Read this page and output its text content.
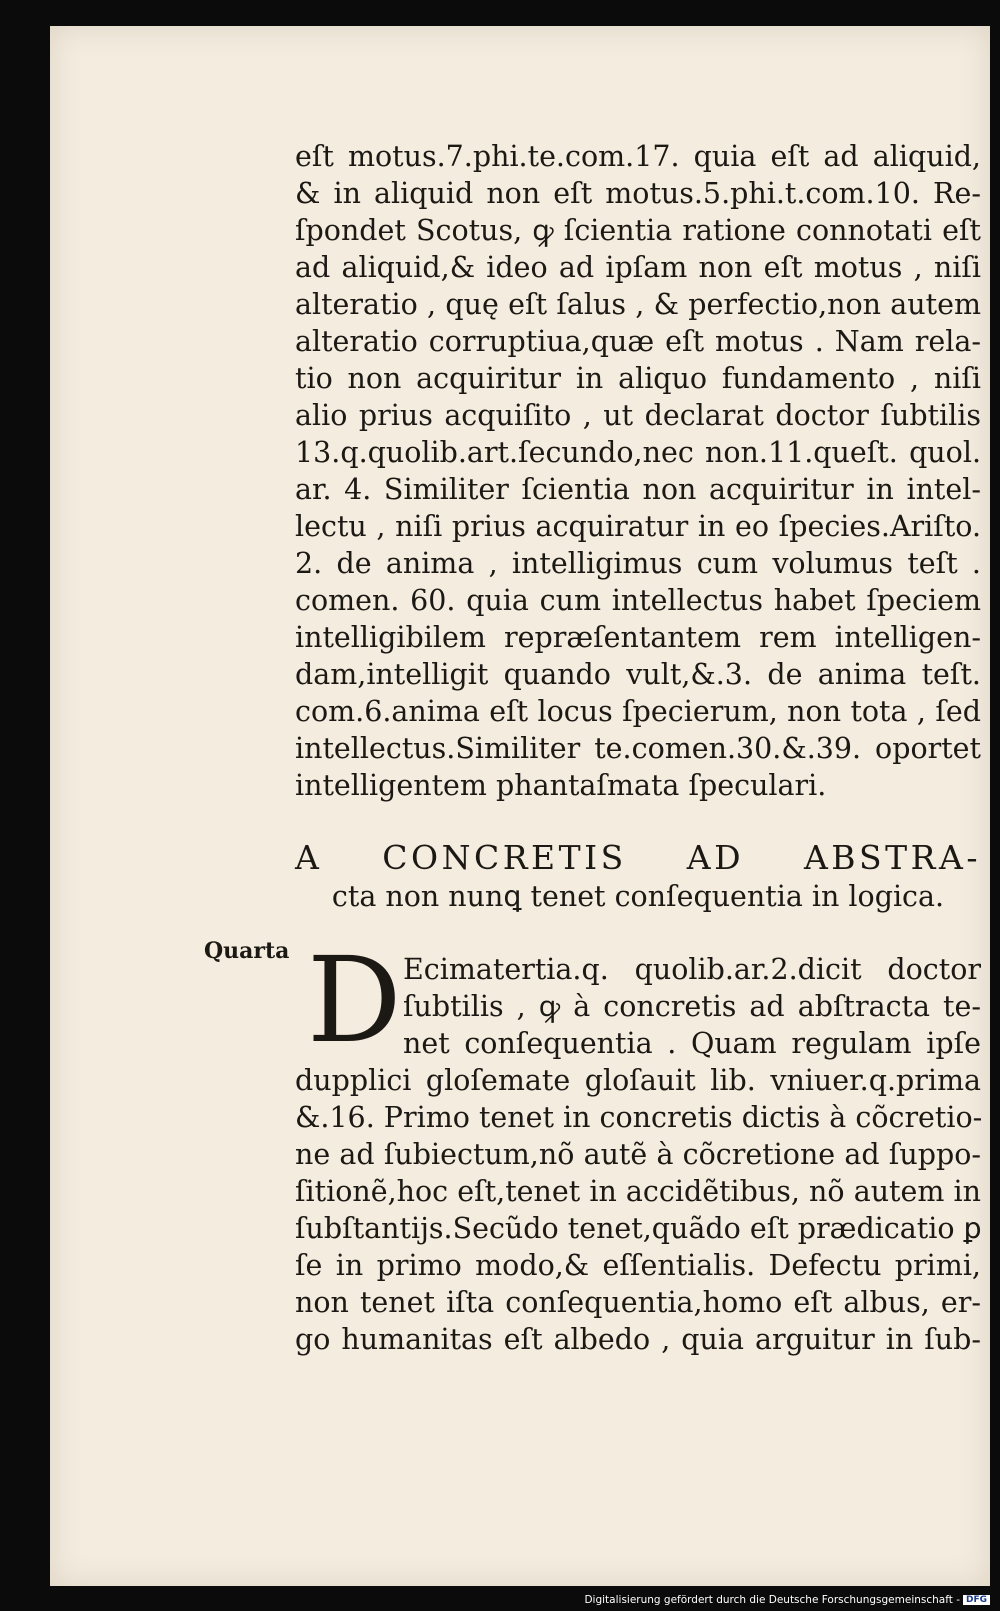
Quarta
eſt motus.7.phi.te.com.17. quia eſt ad aliquid,
& in aliquid non eſt motus.5.phi.t.com.10. Re-
ſpondet Scotus, ꝙ ſcientia ratione connotati eſt
ad aliquid,& ideo ad ipſam non eſt motus , niſi
alteratio , quę eſt ſalus , & perfectio,non autem
alteratio corruptiua,quæ eſt motus . Nam rela-
tio non acquiritur in aliquo fundamento , niſi
alio prius acquiſito , ut declarat doctor ſubtilis
13.q.quolib.art.ſecundo,nec non.11.queſt. quol.
ar. 4. Similiter ſcientia non acquiritur in intel-
lectu , niſi prius acquiratur in eo ſpecies.Ariſto.
2. de anima , intelligimus cum volumus teſt .
comen. 60. quia cum intellectus habet ſpeciem
intelligibilem repræſentantem rem intelligen-
dam,intelligit quando vult,&.3. de anima teſt.
com.6.anima eſt locus ſpecierum, non tota , ſed
intellectus.Similiter te.comen.30.&.39. oportet
intelligentem phantaſmata ſpeculari.
A CONCRETIS AD ABSTRA-
cta non nunꝗ tenet conſequentia in logica.
D Ecimatertia.q. quolib.ar.2.dicit doctor
ſubtilis , ꝙ à concretis ad abſtracta te-
net conſequentia . Quam regulam ipſe
dupplici gloſemate gloſauit lib. vniuer.q.prima
&.16. Primo tenet in concretis dictis à cõcretio-
ne ad ſubiectum,nõ autẽ à cõcretione ad ſuppo-
ſitionẽ,hoc eſt,tenet in accidẽtibus, nõ autem in
ſubſtantijs.Secũdo tenet,quãdo eſt prædicatio ꝑ
ſe in primo modo,& eſſentialis. Defectu primi,
non tenet iſta conſequentia,homo eſt albus, er-
go humanitas eſt albedo , quia arguitur in ſub-
Digitalisierung gefördert durch die Deutsche Forschungsgemeinschaft - DFG
